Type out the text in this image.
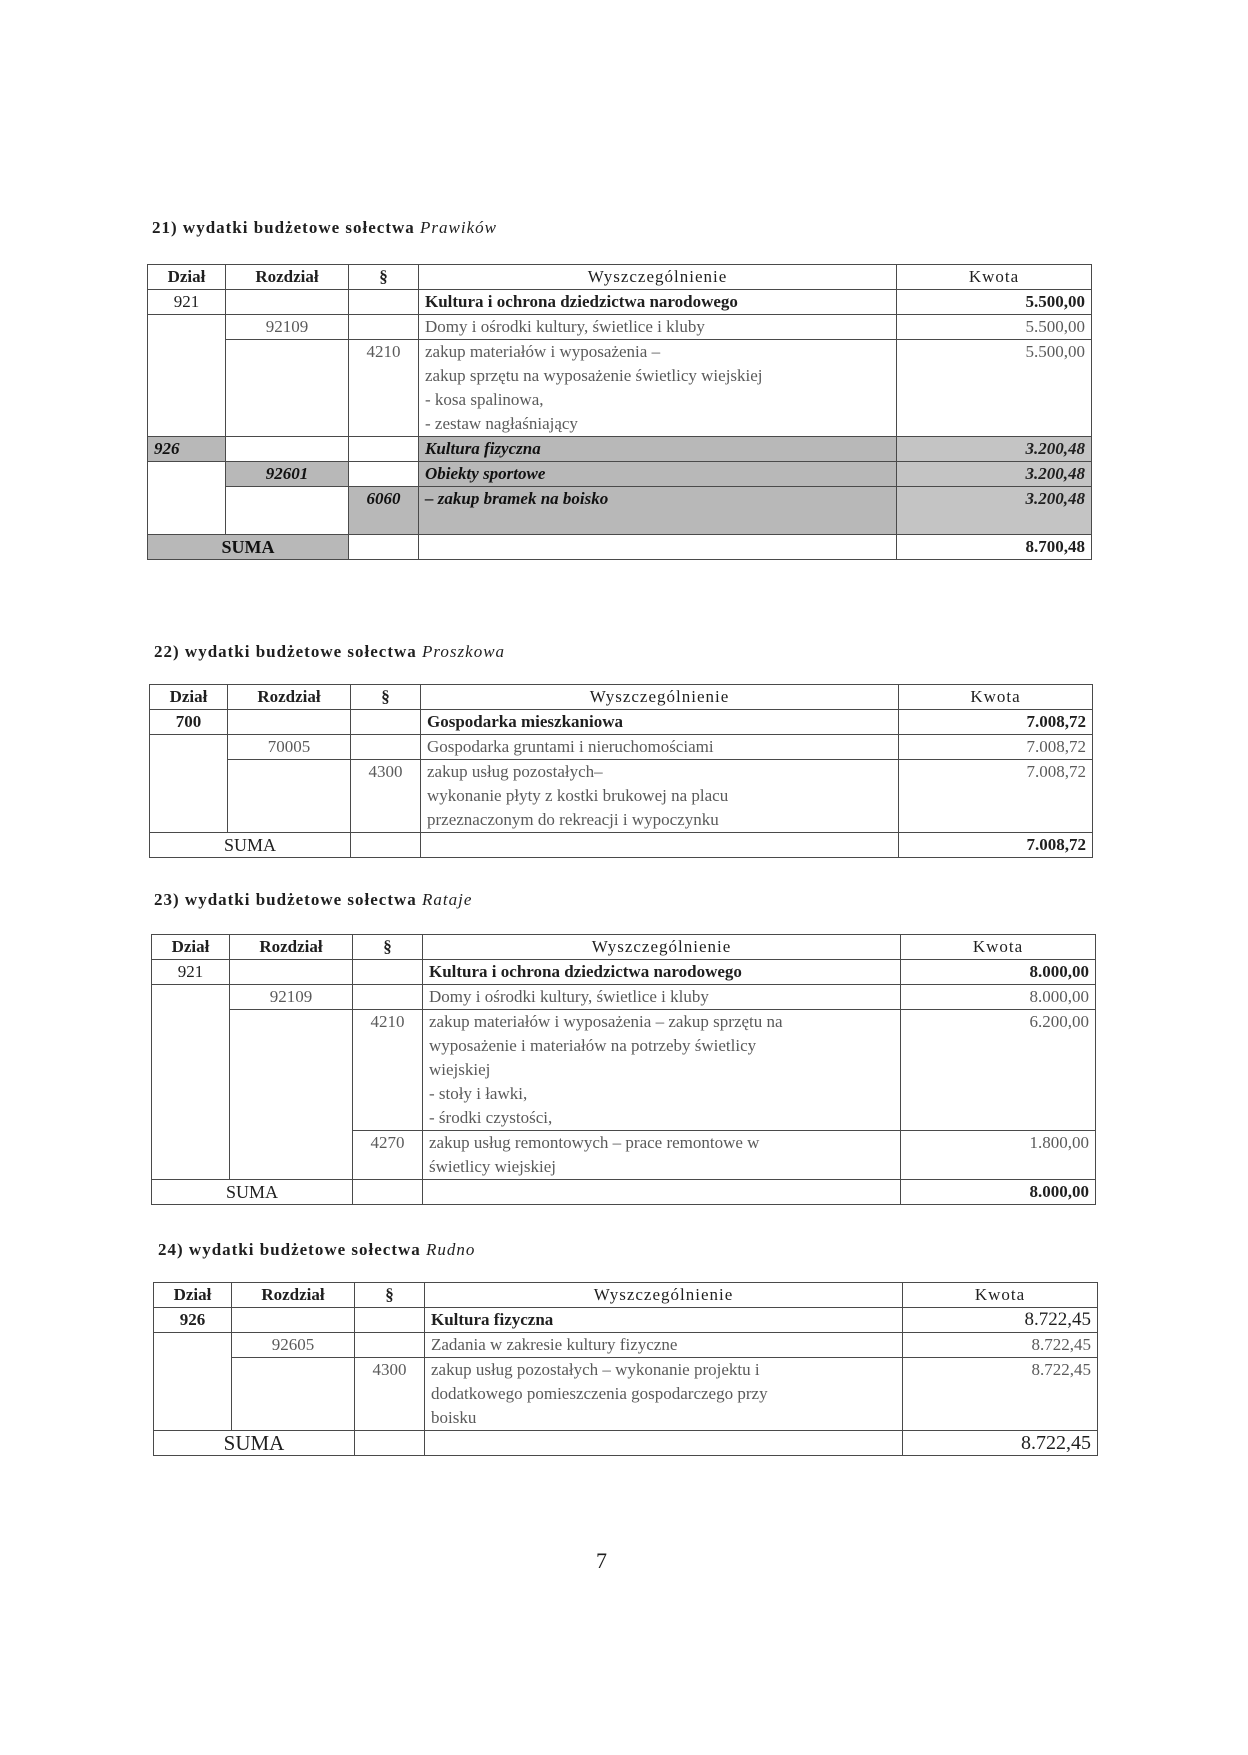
21) wydatki budżetowe sołectwa Prawików

Dział	Rozdział	§	Wyszczególnienie	Kwota
921			Kultura i ochrona dziedzictwa narodowego	5.500,00
	92109		Domy i ośrodki kultury, świetlice i kluby	5.500,00
		4210	zakup materiałów i wyposażenia –
zakup sprzętu na wyposażenie świetlicy wiejskiej
- kosa spalinowa,
- zestaw nagłaśniający	5.500,00
926			Kultura fizyczna	3.200,48
	92601		Obiekty sportowe	3.200,48
		6060	– zakup bramek na boisko	3.200,48
SUMA				8.700,48

22) wydatki budżetowe sołectwa Proszkowa

Dział	Rozdział	§	Wyszczególnienie	Kwota
700			Gospodarka mieszkaniowa	7.008,72
	70005		Gospodarka gruntami i nieruchomościami	7.008,72
		4300	zakup usług pozostałych–
wykonanie płyty z kostki brukowej na placu
przeznaczonym do rekreacji i wypoczynku	7.008,72
SUMA				7.008,72

23) wydatki budżetowe sołectwa Rataje

Dział	Rozdział	§	Wyszczególnienie	Kwota
921			Kultura i ochrona dziedzictwa narodowego	8.000,00
	92109		Domy i ośrodki kultury, świetlice i kluby	8.000,00
		4210	zakup materiałów i wyposażenia – zakup sprzętu na
wyposażenie i materiałów na potrzeby świetlicy
wiejskiej
- stoły i ławki,
- środki czystości,	6.200,00
		4270	zakup usług remontowych – prace remontowe w
świetlicy wiejskiej	1.800,00
SUMA				8.000,00

24) wydatki budżetowe sołectwa Rudno

Dział	Rozdział	§	Wyszczególnienie	Kwota
926			Kultura fizyczna	8.722,45
	92605		Zadania w zakresie kultury fizyczne	8.722,45
		4300	zakup usług pozostałych – wykonanie projektu i
dodatkowego pomieszczenia gospodarczego przy
boisku	8.722,45
SUMA				8.722,45
7
